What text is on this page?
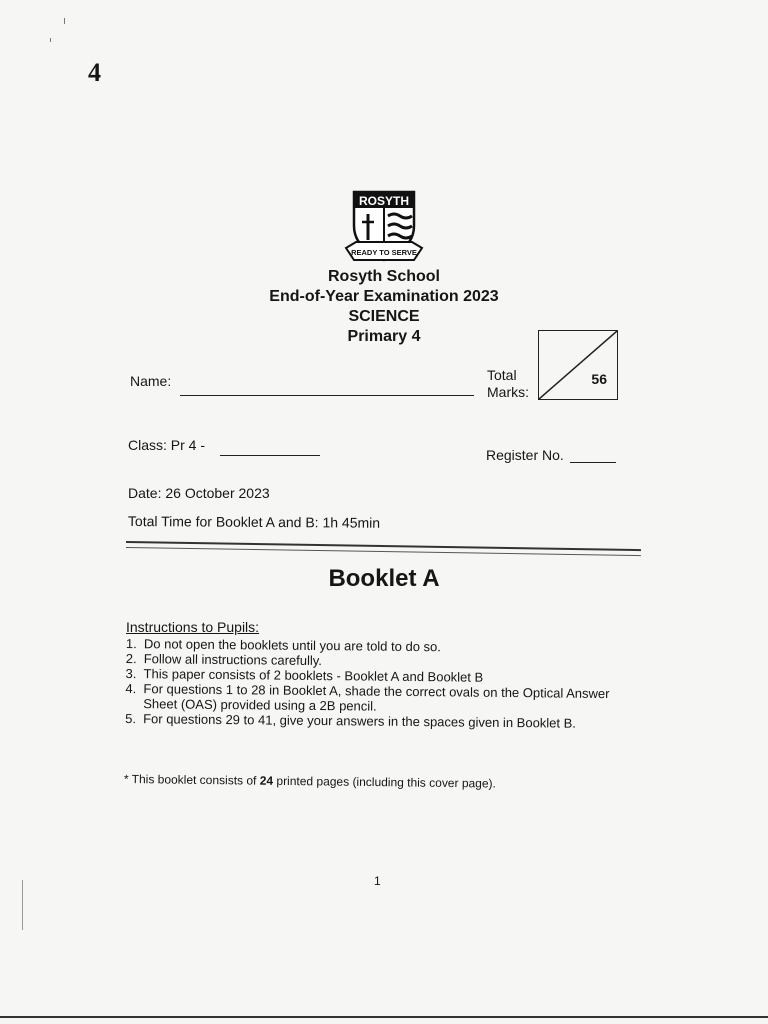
4
ROSYTH
READY TO SERVE
Rosyth School
End-of-Year Examination 2023
SCIENCE
Primary 4
56
Total
Marks:
Name:
Class: Pr 4 -
Register No.
Date: 26 October 2023
Total Time for Booklet A and B: 1h 45min
Booklet A
Instructions to Pupils:
1. Do not open the booklets until you are told to do so.
2. Follow all instructions carefully.
3. This paper consists of 2 booklets - Booklet A and Booklet B
4. For questions 1 to 28 in Booklet A, shade the correct ovals on the Optical Answer Sheet (OAS) provided using a 2B pencil.
5. For questions 29 to 41, give your answers in the spaces given in Booklet B.
* This booklet consists of 24 printed pages (including this cover page).
1
